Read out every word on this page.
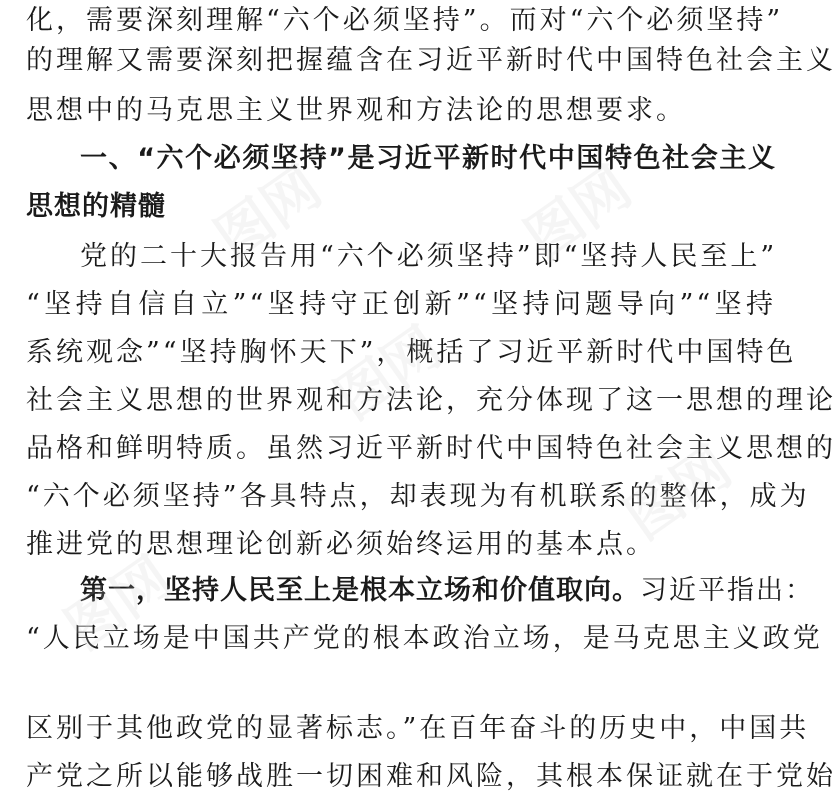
化，需要深刻理解“六个必须坚持”。而对“六个必须坚持”
的理解又需要深刻把握蕴含在习近平新时代中国特色社会主义
思想中的马克思主义世界观和方法论的思想要求。
一、“六个必须坚持”是习近平新时代中国特色社会主义
思想的精髓
党的二十大报告用“六个必须坚持”即“坚持人民至上”
“坚持自信自立”“坚持守正创新”“坚持问题导向”“坚持
系统观念”“坚持胸怀天下”，概括了习近平新时代中国特色
社会主义思想的世界观和方法论，充分体现了这一思想的理论
品格和鲜明特质。虽然习近平新时代中国特色社会主义思想的
“六个必须坚持”各具特点，却表现为有机联系的整体，成为
推进党的思想理论创新必须始终运用的基本点。
第一，坚持人民至上是根本立场和价值取向。习近平指出：
“人民立场是中国共产党的根本政治立场，是马克思主义政党
区别于其他政党的显著标志。”在百年奋斗的历史中，中国共
产党之所以能够战胜一切困难和风险，其根本保证就在于党始
图网	图网
图网
图网
图网
